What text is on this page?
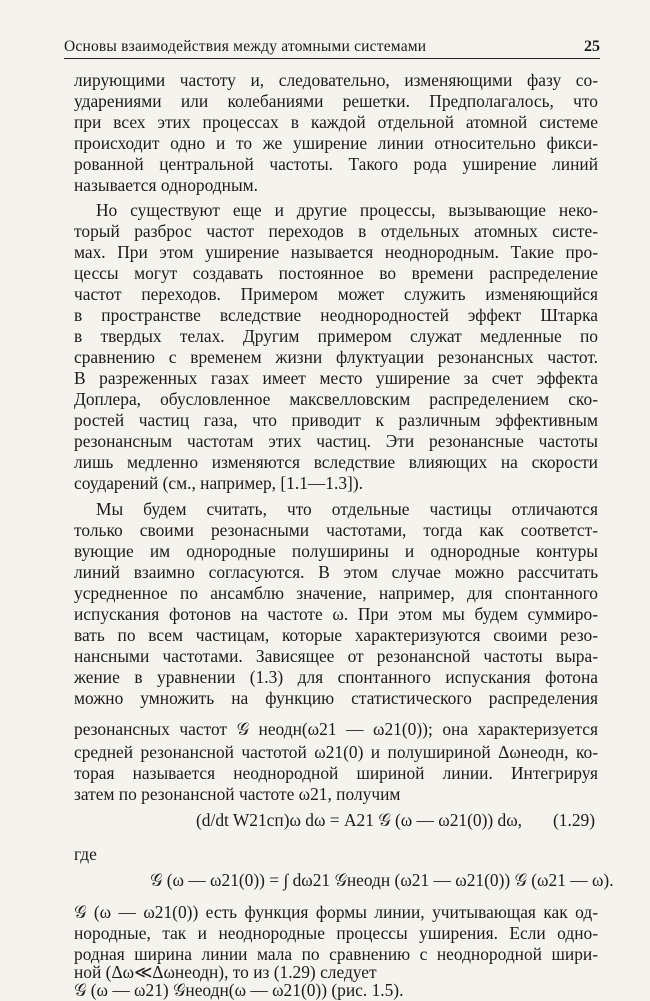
Основы взаимодействия между атомными системами	25
лирующими частоту и, следовательно, изменяющими фазу со-
ударениями или колебаниями решетки. Предполагалось, что
при всех этих процессах в каждой отдельной атомной системе
происходит одно и то же уширение линии относительно фикси-
рованной центральной частоты. Такого рода уширение линий
называется однородным.
Но существуют еще и другие процессы, вызывающие неко-
торый разброс частот переходов в отдельных атомных систе-
мах. При этом уширение называется неоднородным. Такие про-
цессы могут создавать постоянное во времени распределение
частот переходов. Примером может служить изменяющийся
в пространстве вследствие неоднородностей эффект Штарка
в твердых телах. Другим примером служат медленные по
сравнению с временем жизни флуктуации резонансных частот.
В разреженных газах имеет место уширение за счет эффекта
Доплера, обусловленное максвелловским распределением ско-
ростей частиц газа, что приводит к различным эффективным
резонансным частотам этих частиц. Эти резонансные частоты
лишь медленно изменяются вследствие влияющих на скорости
соударений (см., например, [1.1—1.3]).
Мы будем считать, что отдельные частицы отличаются
только своими резонасными частотами, тогда как соответст-
вующие им однородные полуширины и однородные контуры
линий взаимно согласуются. В этом случае можно рассчитать
усредненное по ансамблю значение, например, для спонтанного
испускания фотонов на частоте ω. При этом мы будем суммиро-
вать по всем частицам, которые характеризуются своими резо-
нансными частотами. Зависящее от резонансной частоты выра-
жение в уравнении (1.3) для спонтанного испускания фотона
можно умножить на функцию статистического распределения
резонансных частот 𝒢 неодн(ω21 — ω21(0)); она характеризуется
средней резонансной частотой ω21(0) и полушириной Δωнеодн, ко-
торая называется неоднородной шириной линии. Интегрируя
затем по резонансной частоте ω21, получим
(d/dt W21сп)ω dω = A21 𝒢 (ω — ω21(0)) dω, (1.29)
где
𝒢 (ω — ω21(0)) = ∫ dω21 𝒢неодн (ω21 — ω21(0)) 𝒢 (ω21 — ω).
𝒢 (ω — ω21(0)) есть функция формы линии, учитывающая как од-
нородные, так и неоднородные процессы уширения. Если одно-
родная ширина линии мала по сравнению с неоднородной шири-
ной (Δω≪Δωнеодн), то из (1.29) следует
𝒢 (ω — ω21) 𝒢неодн(ω — ω21(0)) (рис. 1.5).
